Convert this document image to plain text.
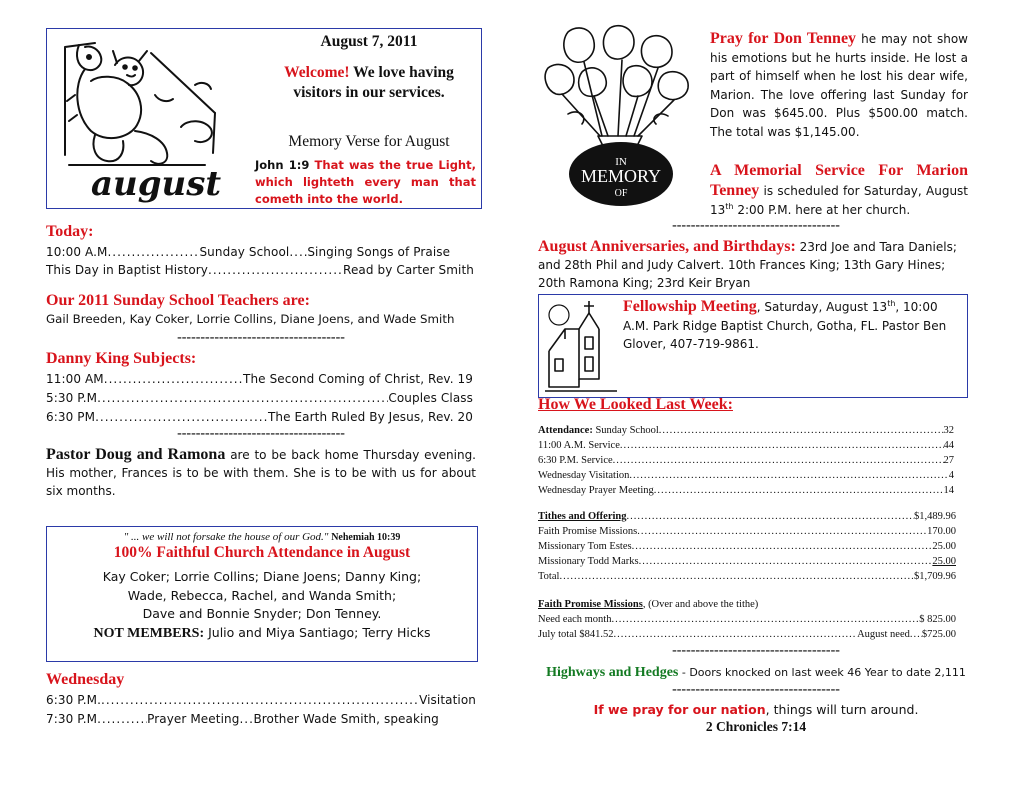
august
August 7, 2011
Welcome! We love having visitors in our services.
Memory Verse for August
John 1:9 That was the true Light, which lighteth every man that cometh into the world.
Today:
10:00 A.M .....	Sunday School ..... Singing Songs of Praise
This Day in Baptist History .....	Read by Carter Smith
Our 2011 Sunday School Teachers are:
Gail Breeden, Kay Coker, Lorrie Collins, Diane Joens, and Wade Smith
------------------------------------
Danny King Subjects:
11:00 AM .....	The Second Coming of Christ, Rev. 19
5:30 P.M .....	Couples Class
6:30 PM .....	The Earth Ruled By Jesus, Rev. 20
------------------------------------
Pastor Doug and Ramona are to be back home Thursday evening. His mother, Frances is to be with them. She is to be with us for about six months.
" ... we will not forsake the house of our God." Nehemiah 10:39
100% Faithful Church Attendance in August
Kay Coker; Lorrie Collins; Diane Joens; Danny King;
Wade, Rebecca, Rachel, and Wanda Smith;
Dave and Bonnie Snyder; Don Tenney.
NOT MEMBERS: Julio and Miya Santiago; Terry Hicks
Wednesday
6:30 P.M. .....	Visitation
7:30 P.M .....	Prayer Meeting ..... Brother Wade Smith, speaking
IN
MEMORY
OF
Pray for Don Tenney he may not show his emotions but he hurts inside. He lost a part of himself when he lost his dear wife, Marion. The love offering last Sunday for Don was $645.00. Plus $500.00 match. The total was $1,145.00.
A Memorial Service For Marion Tenney is scheduled for Saturday, August 13th 2:00 P.M. here at her church.
------------------------------------
August Anniversaries, and Birthdays: 23rd Joe and Tara Daniels; and 28th Phil and Judy Calvert. 10th Frances King; 13th Gary Hines; 20th Ramona King; 23rd Keir Bryan
Fellowship Meeting, Saturday, August 13th, 10:00 A.M. Park Ridge Baptist Church, Gotha, FL. Pastor Ben Glover, 407-719-9861.
How We Looked Last Week:
Attendance:
Sunday School .....	32
11:00 A.M. Service .....	44
6:30 P.M. Service .....	27
Wednesday Visitation .....	4
Wednesday Prayer Meeting .....	14
Tithes and Offering .....	$1,489.96
Faith Promise Missions .....	170.00
Missionary Tom Estes .....	25.00
Missionary Todd Marks .....	25.00
Total .....	$1,709.96
Faith Promise Missions, (Over and above the tithe)
Need each month .....	$ 825.00
July total $841.52 .....	August need ..... $725.00
------------------------------------
Highways and Hedges - Doors knocked on last week 46 Year to date 2,111
------------------------------------
If we pray for our nation, things will turn around.
2 Chronicles 7:14
